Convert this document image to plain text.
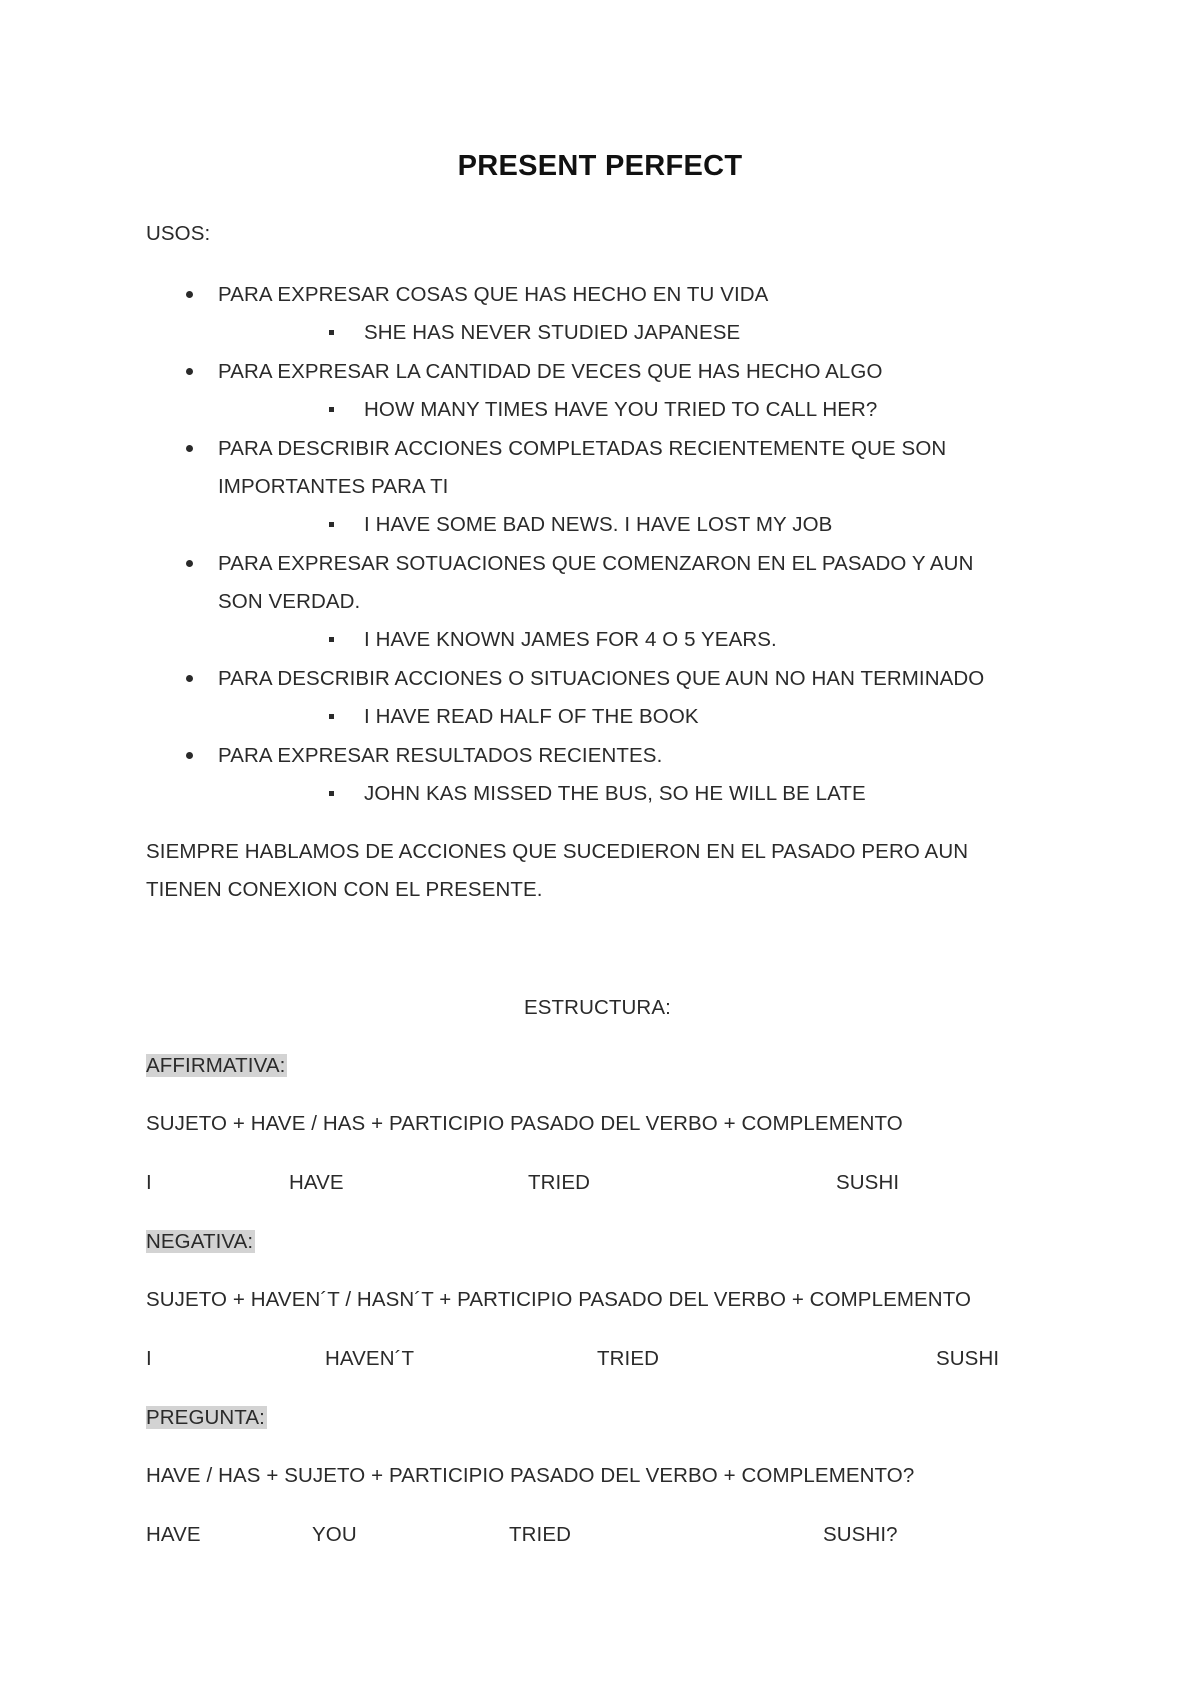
PRESENT PERFECT
USOS:
PARA EXPRESAR COSAS QUE HAS HECHO EN TU VIDA
SHE HAS NEVER STUDIED JAPANESE
PARA EXPRESAR LA CANTIDAD DE VECES QUE HAS HECHO ALGO
HOW MANY TIMES HAVE YOU TRIED TO CALL HER?
PARA DESCRIBIR ACCIONES COMPLETADAS RECIENTEMENTE QUE SON
IMPORTANTES PARA TI
I HAVE SOME BAD NEWS. I HAVE LOST MY JOB
PARA EXPRESAR SOTUACIONES QUE COMENZARON EN EL PASADO Y AUN
SON VERDAD.
I HAVE KNOWN JAMES FOR 4 O 5 YEARS.
PARA DESCRIBIR ACCIONES O SITUACIONES QUE AUN NO HAN TERMINADO
I HAVE READ HALF OF THE BOOK
PARA EXPRESAR RESULTADOS RECIENTES.
JOHN KAS MISSED THE BUS, SO HE WILL BE LATE
SIEMPRE HABLAMOS DE ACCIONES QUE SUCEDIERON EN EL PASADO PERO AUN
TIENEN CONEXION CON EL PRESENTE.
ESTRUCTURA:
AFFIRMATIVA:
SUJETO + HAVE / HAS + PARTICIPIO PASADO DEL VERBO + COMPLEMENTO
I	HAVE	TRIED	SUSHI
NEGATIVA:
SUJETO + HAVEN´T / HASN´T + PARTICIPIO PASADO DEL VERBO + COMPLEMENTO
I	HAVEN´T	TRIED	SUSHI
PREGUNTA:
HAVE / HAS + SUJETO + PARTICIPIO PASADO DEL VERBO + COMPLEMENTO?
HAVE	YOU	TRIED	SUSHI?
